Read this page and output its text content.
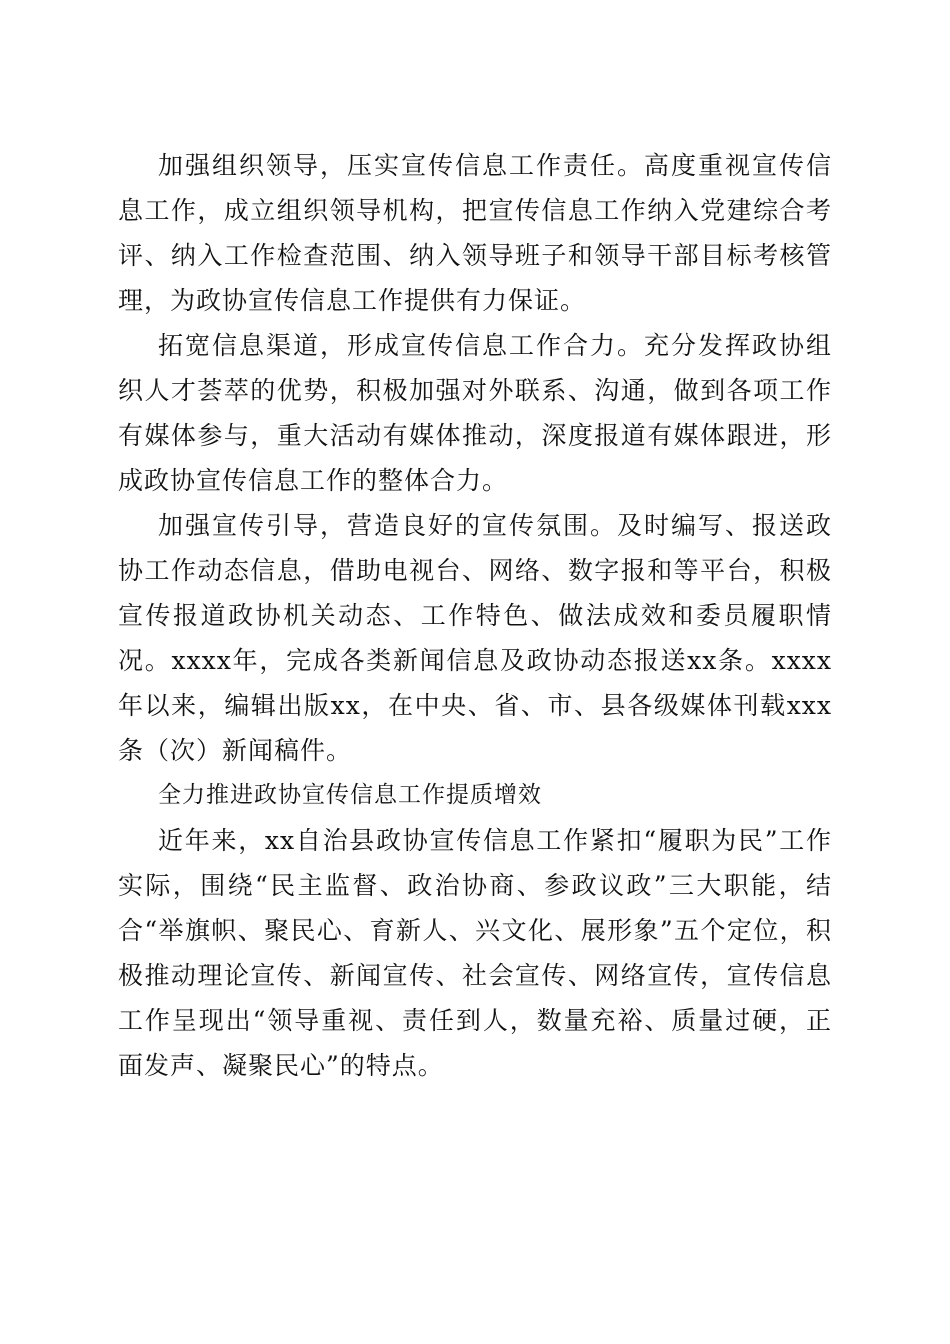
加强组织领导，压实宣传信息工作责任。高度重视宣传信息工作，成立组织领导机构，把宣传信息工作纳入党建综合考评、纳入工作检查范围、纳入领导班子和领导干部目标考核管理，为政协宣传信息工作提供有力保证。

拓宽信息渠道，形成宣传信息工作合力。充分发挥政协组织人才荟萃的优势，积极加强对外联系、沟通，做到各项工作有媒体参与，重大活动有媒体推动，深度报道有媒体跟进，形成政协宣传信息工作的整体合力。

加强宣传引导，营造良好的宣传氛围。及时编写、报送政协工作动态信息，借助电视台、网络、数字报和等平台，积极宣传报道政协机关动态、工作特色、做法成效和委员履职情况。xxxx年，完成各类新闻信息及政协动态报送xx条。xxxx年以来，编辑出版xx，在中央、省、市、县各级媒体刊载xxx条（次）新闻稿件。

全力推进政协宣传信息工作提质增效

近年来，xx自治县政协宣传信息工作紧扣“履职为民”工作实际，围绕“民主监督、政治协商、参政议政”三大职能，结合“举旗帜、聚民心、育新人、兴文化、展形象”五个定位，积极推动理论宣传、新闻宣传、社会宣传、网络宣传，宣传信息工作呈现出“领导重视、责任到人，数量充裕、质量过硬，正面发声、凝聚民心”的特点。
